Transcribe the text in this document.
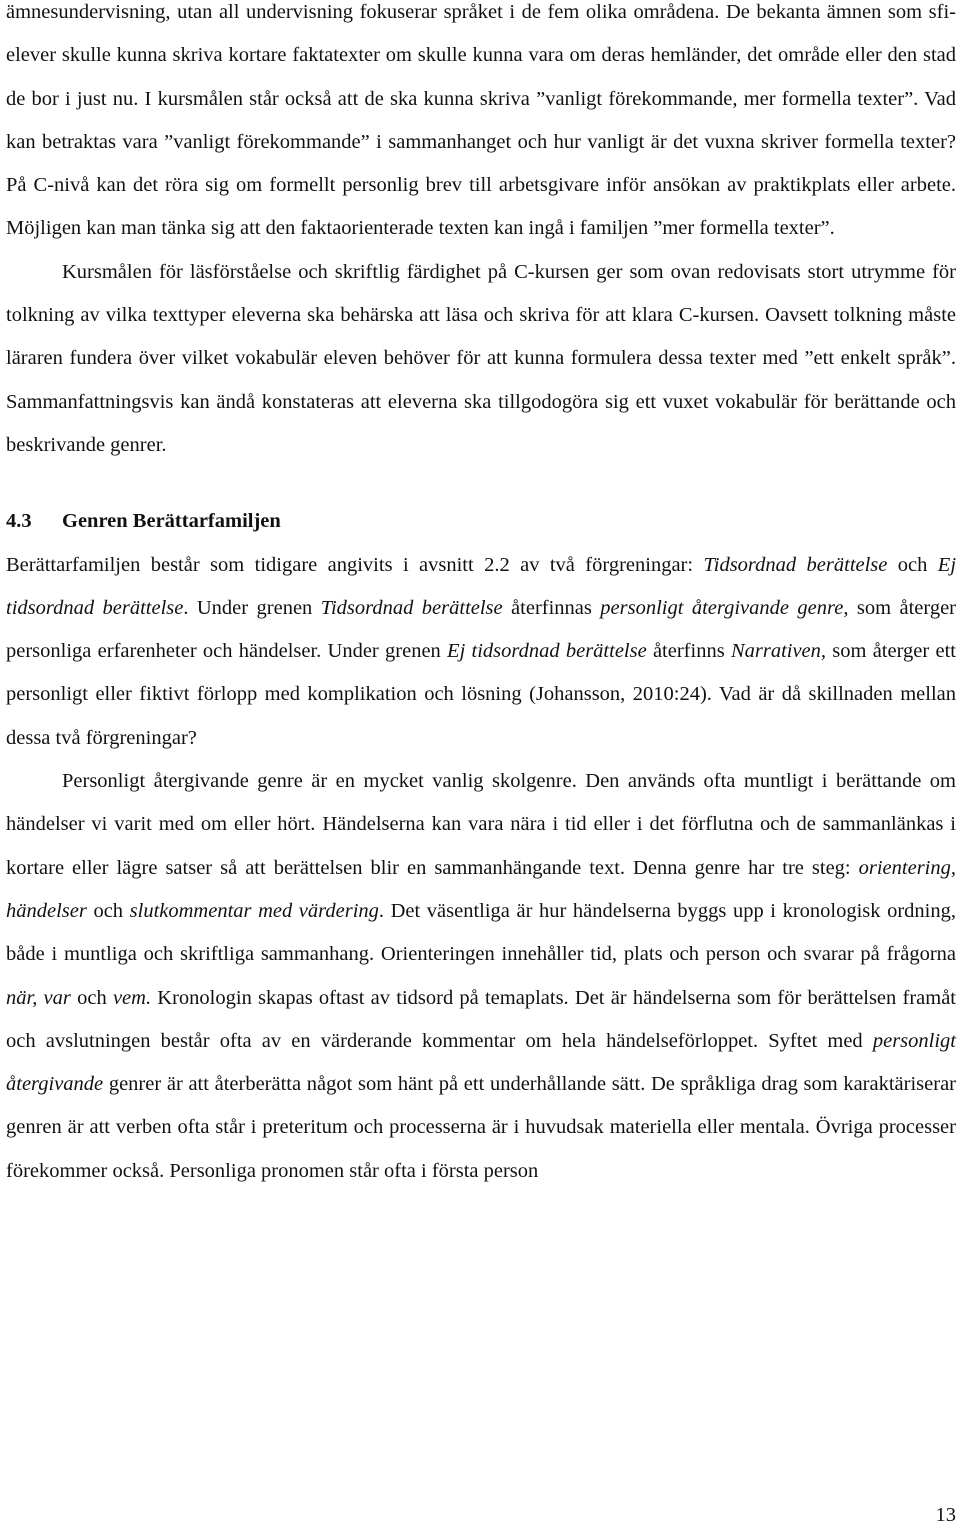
ämnesundervisning, utan all undervisning fokuserar språket i de fem olika områdena. De bekanta ämnen som sfi-elever skulle kunna skriva kortare faktatexter om skulle kunna vara om deras hemländer, det område eller den stad de bor i just nu. I kursmålen står också att de ska kunna skriva ”vanligt förekommande, mer formella texter”. Vad kan betraktas vara ”vanligt förekommande” i sammanhanget och hur vanligt är det vuxna skriver formella texter? På C-nivå kan det röra sig om formellt personlig brev till arbetsgivare inför ansökan av praktikplats eller arbete. Möjligen kan man tänka sig att den faktaorienterade texten kan ingå i familjen ”mer formella texter”.

Kursmålen för läsförståelse och skriftlig färdighet på C-kursen ger som ovan redovisats stort utrymme för tolkning av vilka texttyper eleverna ska behärska att läsa och skriva för att klara C-kursen. Oavsett tolkning måste läraren fundera över vilket vokabulär eleven behöver för att kunna formulera dessa texter med ”ett enkelt språk”. Sammanfattningsvis kan ändå konstateras att eleverna ska tillgodogöra sig ett vuxet vokabulär för berättande och beskrivande genrer.

4.3 Genren Berättarfamiljen

Berättarfamiljen består som tidigare angivits i avsnitt 2.2 av två förgreningar: Tidsordnad berättelse och Ej tidsordnad berättelse. Under grenen Tidsordnad berättelse återfinnas personligt återgivande genre, som återger personliga erfarenheter och händelser. Under grenen Ej tidsordnad berättelse återfinns Narrativen, som återger ett personligt eller fiktivt förlopp med komplikation och lösning (Johansson, 2010:24). Vad är då skillnaden mellan dessa två förgreningar?

Personligt återgivande genre är en mycket vanlig skolgenre. Den används ofta muntligt i berättande om händelser vi varit med om eller hört. Händelserna kan vara nära i tid eller i det förflutna och de sammanlänkas i kortare eller lägre satser så att berättelsen blir en sammanhängande text. Denna genre har tre steg: orientering, händelser och slutkommentar med värdering. Det väsentliga är hur händelserna byggs upp i kronologisk ordning, både i muntliga och skriftliga sammanhang. Orienteringen innehåller tid, plats och person och svarar på frågorna när, var och vem. Kronologin skapas oftast av tidsord på temaplats. Det är händelserna som för berättelsen framåt och avslutningen består ofta av en värderande kommentar om hela händelseförloppet. Syftet med personligt återgivande genrer är att återberätta något som hänt på ett underhållande sätt. De språkliga drag som karaktäriserar genren är att verben ofta står i preteritum och processerna är i huvudsak materiella eller mentala. Övriga processer förekommer också. Personliga pronomen står ofta i första person

13
